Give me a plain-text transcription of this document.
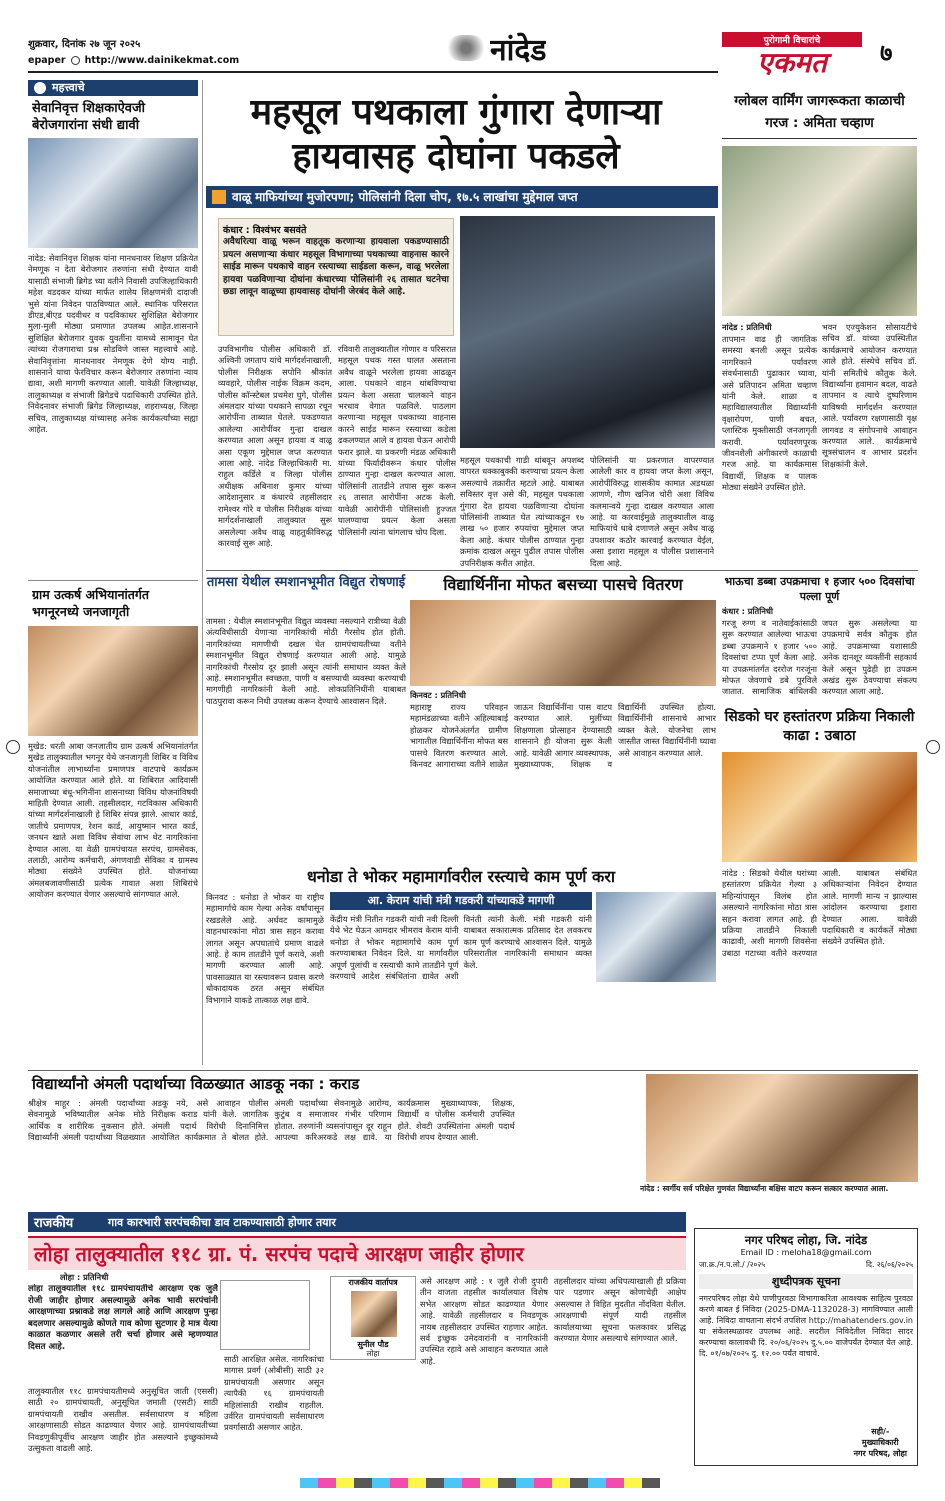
शुक्रवार, दिनांक २७ जून २०२५
epaper http://www.dainikekmat.com	नांदेड	पुरोगामी विचारांचे
एकमत	७
महत्त्वाचे
सेवानिवृत्त शिक्षकाऐवजी बेरोजगारांना संधी द्यावी
नांदेड: सेवानिवृत्त शिक्षक यांना मानधनावर शिक्षण प्रक्रियेत नेमणूक न देता बेरोजगार तरुणांना संधी देण्यात यावी यासाठी संभाजी ब्रिगेड च्या वतीने निवासी उपजिल्हाधिकारी महेश वडदकर यांच्या मार्फत शालेय शिक्षणमंत्री दादाजी भुसे यांना निवेदन पाठविण्यात आले. स्थानिक परिसरात डीएड,बीएड पदवीधर व पदविकाधर सुशिक्षित बेरोजगार मुला-मुली मोठ्या प्रमाणात उपलब्ध आहेत.शासनाने सुशिक्षित बेरोजगार युवक युवतींना यामध्ये सामावून घेत त्यांच्या रोजगाराचा प्रश्न सोडविणे जास्त महत्त्वाचे आहे. सेवानिवृत्तांना मानधनावर नेमणूक देणे योग्य नाही. शासनाने याचा फेरविचार करून बेरोजगार तरुणांना न्याय द्यावा, अशी मागणी करण्यात आली. यावेळी जिल्हाध्यक्ष, तालुकाध्यक्ष व संभाजी ब्रिगेडचे पदाधिकारी उपस्थित होते. निवेदनावर संभाजी ब्रिगेड जिल्हाध्यक्ष, शहराध्यक्ष, जिल्हा सचिव, तालुकाध्यक्ष यांच्यासह अनेक कार्यकर्त्यांच्या सह्या आहेत.
ग्राम उत्कर्ष अभियानांतर्गत भगनूरनध्ये जनजागृती
मुखेड: धरती आबा जनजातीय ग्राम उत्कर्ष अभियानांतर्गत मुखेड तालुक्यातील भगनूर येथे जनजागृती शिबिर व विविध योजनांतील लाभार्थ्यांना प्रमाणपत्र वाटपाचे कार्यक्रम आयोजित करण्यात आले होते. या शिबिरात आदिवासी समाजाच्या बंधू-भगिनींना शासनाच्या विविध योजनांविषयी माहिती देण्यात आली. तहसीलदार, गटविकास अधिकारी यांच्या मार्गदर्शनाखाली हे शिबिर संपन्न झाले. आधार कार्ड, जातीचे प्रमाणपत्र, रेशन कार्ड, आयुष्मान भारत कार्ड, जनधन खाते अशा विविध सेवांचा लाभ थेट नागरिकांना देण्यात आला. या वेळी ग्रामपंचायत सरपंच, ग्रामसेवक, तलाठी, आरोग्य कर्मचारी, अंगणवाडी सेविका व ग्रामस्थ मोठ्या संख्येने उपस्थित होते. योजनांच्या अंमलबजावणीसाठी प्रत्येक गावात अशा शिबिरांचे आयोजन करण्यात येणार असल्याचे सांगण्यात आले.
महसूल पथकाला गुंगारा देणाऱ्या
हायवासह दोघांना पकडले
वाळू माफियांच्या मुजोरपणा; पोलिसांनी दिला चोप, १७.५ लाखांचा मुद्देमाल जप्त
कंधार : विश्वंभर बसवंते
अवैधरित्या वाळू भरून वाहतूक करणाऱ्या हायवाला पकडण्यासाठी प्रयत्न असणाऱ्या कंधार महसूल विभागाच्या पथकाच्या वाहनास कारने साईड मारून पथकाचे वाहन रस्त्याच्या साईडला करून, वाळू भरलेला हायवा पळविणाऱ्या दोघांना कंधारच्या पोलिसांनी २६ तासात घटनेचा छडा लावून वाळूच्या हायवासह दोघांनी जेरबंद केले आहे.
उपविभागीय पोलीस अधिकारी डॉ. अश्विनी जगताप यांचे मार्गदर्शनाखाली, पोलीस निरीक्षक सपोनि श्रीकांत व्यवहारे, पोलीस नाईक विक्रम कदम, पोलीस कॉन्स्टेबल प्रथमेश घुगे, पोलीस अंमलदार यांच्या पथकाने सापळा रचून आरोपींना ताब्यात घेतले. पकडण्यात आलेल्या आरोपींवर गुन्हा दाखल करण्यात आला असून हायवा व वाळू असा एकूण मुद्देमाल जप्त करण्यात आला आहे. नांदेड जिल्हाधिकारी मा. राहुल कर्डिले व जिल्हा पोलीस अधीक्षक अबिनाश कुमार यांच्या आदेशानुसार व कंधारचे तहसीलदार रामेश्वर गोरे व पोलीस निरीक्षक यांच्या मार्गदर्शनाखाली तालुक्यात सुरू असलेल्या अवैध वाळू वाहतुकीविरुद्ध कारवाई सुरू आहे.
रविवारी तालुक्यातील गोणार व परिसरात महसूल पथक गस्त घालत असताना अवैध वाळूने भरलेला हायवा आढळून आला. पथकाने वाहन थांबविण्याचा प्रयत्न केला असता चालकाने वाहन भरधाव वेगात पळविले. पाठलाग करणाऱ्या महसूल पथकाच्या वाहनास कारने साईड मारून रस्त्याच्या कडेला ढकलण्यात आले व हायवा घेऊन आरोपी फरार झाले. या प्रकरणी मंडळ अधिकारी यांच्या फिर्यादीवरून कंधार पोलीस ठाण्यात गुन्हा दाखल करण्यात आला. पोलिसांनी तातडीने तपास सुरू करून २६ तासात आरोपींना अटक केली. यावेळी आरोपींनी पोलिसांशी हुज्जत घालण्याचा प्रयत्न केला असता पोलिसांनी त्यांना चांगलाच चोप दिला.
महसूल पथकाची गाडी थांबवून अपशब्द वापरत धक्काबुक्की करण्याचा प्रयत्न केला असल्याचे तक्रारीत म्हटले आहे. याबाबत सविस्तर वृत्त असे की, महसूल पथकाला गुंगारा देत हायवा पळविणाऱ्या दोघांना पोलिसांनी ताब्यात घेत त्यांच्याकडून १७ लाख ५० हजार रुपयांचा मुद्देमाल जप्त केला आहे. कंधार पोलीस ठाण्यात गुन्हा क्रमांक दाखल असून पुढील तपास पोलीस उपनिरीक्षक करीत आहेत.
पोलिसांनी या प्रकरणात वापरण्यात आलेली कार व हायवा जप्त केला असून, आरोपींविरुद्ध शासकीय कामात अडथळा आणणे, गौण खनिज चोरी अशा विविध कलमान्वये गुन्हा दाखल करण्यात आला आहे. या कारवाईमुळे तालुक्यातील वाळू माफियांचे धाबे दणाणले असून अवैध वाळू उपशावर कठोर कारवाई करण्यात येईल, असा इशारा महसूल व पोलीस प्रशासनाने दिला आहे.
ग्लोबल वार्मिंग जागरूकता काळाची गरज : अमिता चव्हाण
नांदेड : प्रतिनिधी
तापमान वाढ ही जागतिक समस्या बनली असून प्रत्येक नागरिकाने पर्यावरण संवर्धनासाठी पुढाकार घ्यावा, असे प्रतिपादन अमिता चव्हाण यांनी केले. शाळा व महाविद्यालयातील विद्यार्थ्यांनी वृक्षारोपण, पाणी बचत, प्लास्टिक मुक्तीसाठी जनजागृती करावी. पर्यावरणपूरक जीवनशैली अंगीकारणे काळाची गरज आहे. या कार्यक्रमास विद्यार्थी, शिक्षक व पालक मोठ्या संख्येने उपस्थित होते.
भवन एज्युकेशन सोसायटीचे सचिव डॉ. यांच्या उपस्थितीत कार्यक्रमाचे आयोजन करण्यात आले होते. संस्थेचे सचिव डॉ. यांनी समितीचे कौतुक केले. विद्यार्थ्यांना हवामान बदल, वाढते तापमान व त्याचे दुष्परिणाम याविषयी मार्गदर्शन करण्यात आले. पर्यावरण रक्षणासाठी वृक्ष लागवड व संगोपनाचे आवाहन करण्यात आले. कार्यक्रमाचे सूत्रसंचालन व आभार प्रदर्शन शिक्षकांनी केले.
तामसा येथील स्मशानभूमीत विद्युत रोषणाई
तामसा : येथील स्मशानभूमीत विद्युत व्यवस्था नसल्याने रात्रीच्या वेळी अंत्यविधीसाठी येणाऱ्या नागरिकांची मोठी गैरसोय होत होती. नागरिकांच्या मागणीची दखल घेत ग्रामपंचायतीच्या वतीने स्मशानभूमीत विद्युत रोषणाई करण्यात आली आहे. यामुळे नागरिकांची गैरसोय दूर झाली असून त्यांनी समाधान व्यक्त केले आहे. स्मशानभूमीत स्वच्छता, पाणी व बसण्याची व्यवस्था करण्याची मागणीही नागरिकांनी केली आहे. लोकप्रतिनिधींनी याबाबत पाठपुरावा करून निधी उपलब्ध करून देण्याचे आश्वासन दिले.
विद्यार्थिनींना मोफत बसच्या पासचे वितरण
किनवट : प्रतिनिधी
महाराष्ट्र राज्य परिवहन महामंडळाच्या वतीने अहिल्याबाई होळकर योजनेअंतर्गत ग्रामीण भागातील विद्यार्थिनींना मोफत बस पासचे वितरण करण्यात आले. किनवट आगाराच्या वतीने शाळेत जाऊन विद्यार्थिनींना पास वाटप करण्यात आले. मुलींच्या शिक्षणाला प्रोत्साहन देण्यासाठी शासनाने ही योजना सुरू केली आहे. यावेळी आगार व्यवस्थापक, मुख्याध्यापक, शिक्षक व विद्यार्थिनी उपस्थित होत्या. विद्यार्थिनींनी शासनाचे आभार व्यक्त केले. योजनेचा लाभ जास्तीत जास्त विद्यार्थिनींनी घ्यावा असे आवाहन करण्यात आले.
भाऊचा डब्बा उपक्रमाचा १ हजार ५०० दिवसांचा पल्ला पूर्ण
कंधार : प्रतिनिधी
गरजू रुग्ण व नातेवाईकांसाठी सुरू करण्यात आलेल्या भाऊचा डब्बा उपक्रमाने १ हजार ५०० दिवसांचा टप्पा पूर्ण केला आहे. या उपक्रमांतर्गत दररोज गरजूंना मोफत जेवणाचे डबे पुरविले जातात. सामाजिक बांधिलकी जपत सुरू असलेल्या या उपक्रमाचे सर्वत्र कौतुक होत आहे. उपक्रमाच्या यशासाठी अनेक दानशूर व्यक्तींनी सहकार्य केले असून पुढेही हा उपक्रम अखंड सुरू ठेवण्याचा संकल्प करण्यात आला आहे.
सिडको घर हस्तांतरण प्रक्रिया निकाली काढा : उबाठा
नांदेड : सिडको येथील घरांच्या हस्तांतरण प्रक्रियेत गेल्या ३ महिन्यांपासून विलंब होत असल्याने नागरिकांना मोठा त्रास सहन करावा लागत आहे. ही प्रक्रिया तातडीने निकाली काढावी, अशी मागणी शिवसेना उबाठा गटाच्या वतीने करण्यात आली. याबाबत संबंधित अधिकाऱ्यांना निवेदन देण्यात आले. मागणी मान्य न झाल्यास आंदोलन करण्याचा इशारा देण्यात आला. यावेळी पदाधिकारी व कार्यकर्ते मोठ्या संख्येने उपस्थित होते.
धनोडा ते भोकर महामार्गावरील रस्त्याचे काम पूर्ण करा
किनवट : धनोडा ते भोकर या राष्ट्रीय महामार्गाचे काम गेल्या अनेक वर्षांपासून रखडलेले आहे. अर्धवट कामामुळे वाहनधारकांना मोठा त्रास सहन करावा लागत असून अपघातांचे प्रमाण वाढले आहे. हे काम तातडीने पूर्ण करावे, अशी मागणी करण्यात आली आहे. पावसाळ्यात या रस्त्यावरून प्रवास करणे धोकादायक ठरत असून संबंधित विभागाने याकडे तात्काळ लक्ष द्यावे.
आ. केराम यांची मंत्री गडकरी यांच्याकडे मागणी
केंद्रीय मंत्री नितीन गडकरी यांची नवी दिल्ली येथे भेट घेऊन आमदार भीमराव केराम यांनी धनोडा ते भोकर महामार्गाचे काम पूर्ण करण्याबाबत निवेदन दिले. या मार्गावरील अपूर्ण पुलांची व रस्त्याची कामे तातडीने पूर्ण करण्याचे आदेश संबंधितांना द्यावेत अशी विनंती त्यांनी केली. मंत्री गडकरी यांनी याबाबत सकारात्मक प्रतिसाद देत लवकरच काम पूर्ण करण्याचे आश्वासन दिले. यामुळे परिसरातील नागरिकांनी समाधान व्यक्त केले.
विद्यार्थ्यांनो अंमली पदार्थाच्या विळख्यात आडकू नका : कराड
श्रीक्षेत्र माहूर : अंमली पदार्थांच्या सेवनामुळे भविष्यातील अनेक मोठे आर्थिक व शारीरिक नुकसान होते. विद्यार्थ्यांनी अंमली पदार्थांच्या विळख्यात अडकू नये, असे आवाहन पोलीस निरीक्षक कराड यांनी केले. जागतिक अंमली पदार्थ विरोधी दिनानिमित्त आयोजित कार्यक्रमात ते बोलत होते. अंमली पदार्थांच्या सेवनामुळे आरोग्य, कुटुंब व समाजावर गंभीर परिणाम होतात. तरुणांनी व्यसनांपासून दूर राहून आपल्या करिअरकडे लक्ष द्यावे. या कार्यक्रमास मुख्याध्यापक, शिक्षक, विद्यार्थी व पोलीस कर्मचारी उपस्थित होते. शेवटी उपस्थितांना अंमली पदार्थ विरोधी शपथ देण्यात आली.
नांदेड : स्वर्गीय सर्व परिक्षेत गुणवंत विद्यार्थ्यांना बक्षिस वाटप करून सत्कार करण्यात आला.
राजकीय	गाव कारभारी सरपंचकीचा डाव टाकण्यासाठी होणार तयार
लोहा तालुक्यातील ११८ ग्रा. पं. सरपंच पदाचे आरक्षण जाहीर होणार
लोहा : प्रतिनिधी
लोहा तालुक्यातील ११८ ग्रामपंचायतीचे आरक्षण एक जुलै रोजी जाहीर होणार असल्यामुळे अनेक भावी सरपंचांनी आरक्षणाच्या प्रश्नाकडे लक्ष लागले आहे आणि आरक्षण पुन्हा बदलणार असल्यामुळे कोणते गाव कोणा सुटणार हे मात्र येत्या काळात कळणार असले तरी चर्चा होणार असे म्हणण्यात दिसत आहे.
तालुक्यातील ११८ ग्रामपंचायतीमध्ये अनुसूचित जाती (एससी) साठी २० ग्रामपंचायती, अनुसूचित जमाती (एसटी) साठी ग्रामपंचायती राखीव असतील. सर्वसाधारण व महिला आरक्षणासाठी सोडत काढण्यात येणार आहे. ग्रामपंचायतीच्या निवडणुकीपूर्वीच आरक्षण जाहीर होत असल्याने इच्छुकांमध्ये उत्सुकता वाढली आहे.
साठी आरक्षित असेल. नागरिकांचा मागास प्रवर्ग (ओबीसी) साठी ३२ ग्रामपंचायती असणार असून त्यापैकी १६ ग्रामपंचायती महिलांसाठी राखीव राहतील. उर्वरित ग्रामपंचायती सर्वसाधारण प्रवर्गासाठी असणार आहेत.
राजकीय वार्तापत्र
सुनील पौड
लोहा
असे आरक्षण आहे : १ जुलै रोजी दुपारी तीन वाजता तहसील कार्यालयात विशेष सभेत आरक्षण सोडत काढण्यात येणार आहे. यावेळी तहसीलदार व निवडणूक नायब तहसीलदार उपस्थित राहणार आहेत. सर्व इच्छुक उमेदवारांनी व नागरिकांनी उपस्थित रहावे असे आवाहन करण्यात आले आहे.
तहसीलदार यांच्या अधिपत्याखाली ही प्रक्रिया पार पडणार असून कोणाचेही आक्षेप असल्यास ते विहित मुदतीत नोंदविता येतील. आरक्षणाची संपूर्ण यादी तहसील कार्यालयाच्या सूचना फलकावर प्रसिद्ध करण्यात येणार असल्याचे सांगण्यात आले.
नगर परिषद लोहा, जि. नांदेड
Email ID : meloha18@gmail.com
जा.क्र./न.प.लो./ /२०२५	दि. २६/०६/२०२५
शुध्दीपत्रक सूचना
नगरपरिषद लोहा येथे पाणीपुरवठा विभागाकरिता आवश्यक साहित्य पुरवठा करणे बाबत ई निविदा (2025-DMA-1132028-3) मागविण्यात आली आहे. निविदा वाचताना संदर्भ तपशिल http://mahatenders.gov.in या संकेतस्थळावर उपलब्ध आहे. सदरील निविदेतील निविदा सादर करण्याचा कालावधी दि. २०/०६/२०२५ दु.५.०० वाजेपर्यंत देण्यात येत आहे. दि. ०१/०७/२०२५ दु. १२.०० पर्यंत वाचावे.
सही/-
मुख्याधिकारी
नगर परिषद, लोहा
